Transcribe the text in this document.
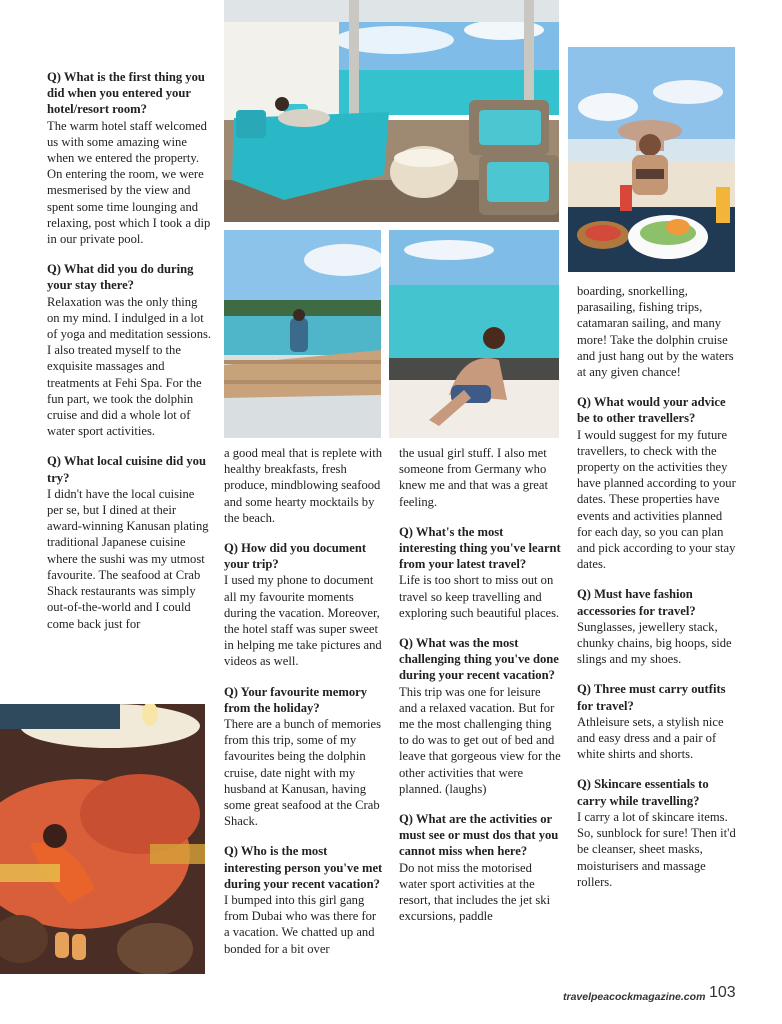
Q) What is the first thing you did when you entered your hotel/resort room?
The warm hotel staff welcomed us with some amazing wine when we entered the property. On entering the room, we were mesmerised by the view and spent some time lounging and relaxing, post which I took a dip in our private pool.

Q) What did you do during your stay there?
Relaxation was the only thing on my mind. I indulged in a lot of yoga and meditation sessions. I also treated myself to the exquisite massages and treatments at Fehi Spa. For the fun part, we took the dolphin cruise and did a whole lot of water sport activities.

Q) What local cuisine did you try?
I didn't have the local cuisine per se, but I dined at their award-winning Kanusan plating traditional Japanese cuisine where the sushi was my utmost favourite. The seafood at Crab Shack restaurants was simply out-of-the-world and I could come back just for

a good meal that is replete with healthy breakfasts, fresh produce, mindblowing seafood and some hearty mocktails by the beach.

Q) How did you document your trip?
I used my phone to document all my favourite moments during the vacation. Moreover, the hotel staff was super sweet in helping me take pictures and videos as well.

Q) Your favourite memory from the holiday?
There are a bunch of memories from this trip, some of my favourites being the dolphin cruise, date night with my husband at Kanusan, having some great seafood at the Crab Shack.

Q) Who is the most interesting person you've met during your recent vacation?
I bumped into this girl gang from Dubai who was there for a vacation. We chatted up and bonded for a bit over

the usual girl stuff. I also met someone from Germany who knew me and that was a great feeling.

Q) What's the most interesting thing you've learnt from your latest travel?
Life is too short to miss out on travel so keep travelling and exploring such beautiful places.

Q) What was the most challenging thing you've done during your recent vacation?
This trip was one for leisure and a relaxed vacation. But for me the most challenging thing to do was to get out of bed and leave that gorgeous view for the other activities that were planned. (laughs)

Q) What are the activities or must see or must dos that you cannot miss when here?
Do not miss the motorised water sport activities at the resort, that includes the jet ski excursions, paddle

boarding, snorkelling, parasailing, fishing trips, catamaran sailing, and many more! Take the dolphin cruise and just hang out by the waters at any given chance!

Q) What would your advice be to other travellers?
I would suggest for my future travellers, to check with the property on the activities they have planned according to your dates. These properties have events and activities planned for each day, so you can plan and pick according to your stay dates.

Q) Must have fashion accessories for travel?
Sunglasses, jewellery stack, chunky chains, big hoops, side slings and my shoes.

Q) Three must carry outfits for travel?
Athleisure sets, a stylish nice and easy dress and a pair of white shirts and shorts.

Q) Skincare essentials to carry while travelling?
I carry a lot of skincare items. So, sunblock for sure! Then it'd be cleanser, sheet masks, moisturisers and massage rollers.

travelpeacockmagazine.com 103
